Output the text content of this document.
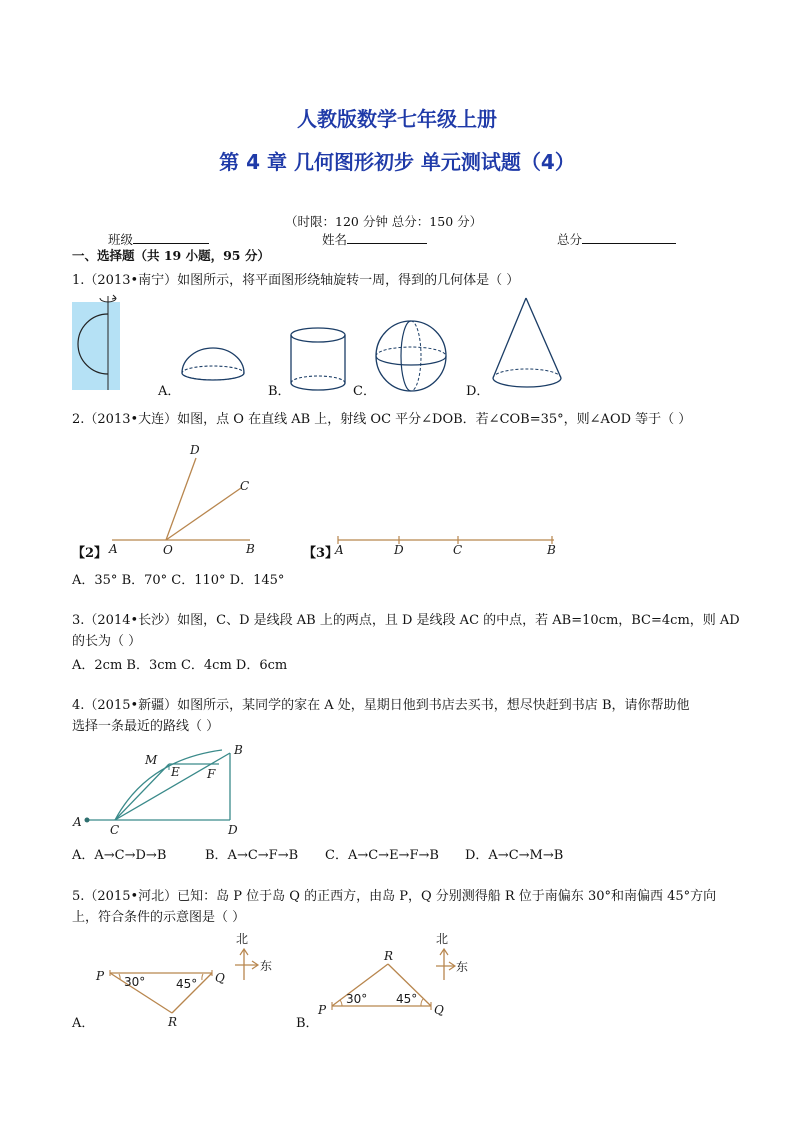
人教版数学七年级上册
第 4 章 几何图形初步 单元测试题（4）
（时限：120 分钟 总分：150 分）
班级	姓名	总分
一、选择题（共 19 小题，95 分）
1.（2013•南宁）如图所示，将平面图形绕轴旋转一周，得到的几何体是（ ）
A．	B．	C．	D．
2.（2013•大连）如图，点 O 在直线 AB 上，射线 OC 平分∠DOB．若∠COB=35°，则∠AOD 等于（ ）
D
C
A	O	B
【2】	【3】
A	D	C	B
A．35° B．70° C．110° D．145°
3.（2014•长沙）如图，C、D 是线段 AB 上的两点，且 D 是线段 AC 的中点，若 AB=10cm，BC=4cm，则 AD
的长为（ ）
A．2cm B．3cm C．4cm D．6cm
4.（2015•新疆）如图所示，某同学的家在 A 处，星期日他到书店去买书，想尽快赶到书店 B，请你帮助他
选择一条最近的路线（ ）
A
B
C	D
E F
M
A．A→C→D→B	B．A→C→F→B C．A→C→E→F→B D．A→C→M→B
5.（2015•河北）已知：岛 P 位于岛 Q 的正西方，由岛 P，Q 分别测得船 R 位于南偏东 30°和南偏西 45°方向
上，符合条件的示意图是（ ）
P	Q
R
30°	45°
北
东
A．
P	Q
R
30° 45°
北
东
B．
